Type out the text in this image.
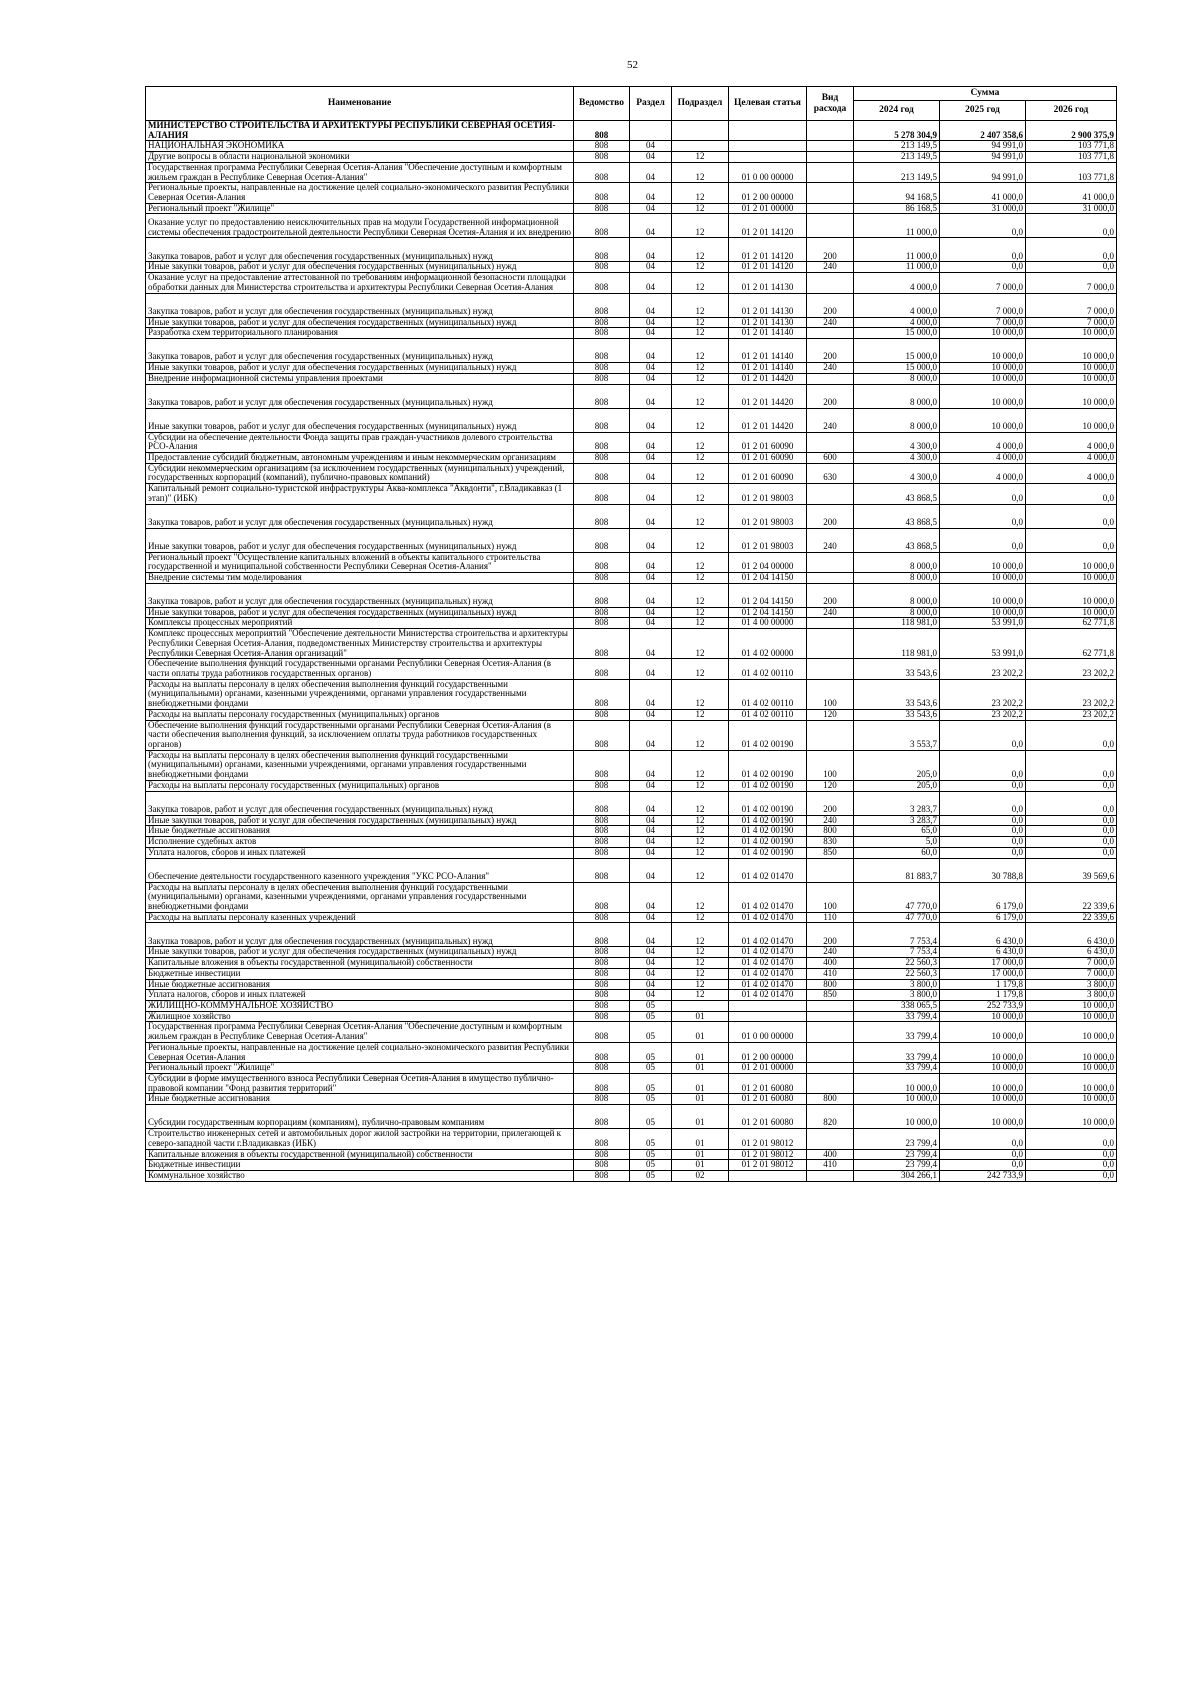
52
Наименование	Ведомство	Раздел	Подраздел	Целевая статья	Вид расхода	Сумма		
						2024 год	2025 год	2026 год
МИНИСТЕРСТВО СТРОИТЕЛЬСТВА И АРХИТЕКТУРЫ РЕСПУБЛИКИ СЕВЕРНАЯ ОСЕТИЯ-АЛАНИЯ	808					5 278 304,9	2 407 358,6	2 900 375,9
НАЦИОНАЛЬНАЯ ЭКОНОМИКА	808	04				213 149,5	94 991,0	103 771,8
Другие вопросы в области национальной экономики	808	04	12			213 149,5	94 991,0	103 771,8
Государственная программа Республики Северная Осетия-Алания "Обеспечение доступным и комфортным жильем граждан в Республике Северная Осетия-Алания"	808	04	12	01 0 00 00000		213 149,5	94 991,0	103 771,8
Региональные проекты, направленные на достижение целей социально-экономического развития Республики Северная Осетия-Алания	808	04	12	01 2 00 00000		94 168,5	41 000,0	41 000,0
Региональный проект "Жилище"	808	04	12	01 2 01 00000		86 168,5	31 000,0	31 000,0
Оказание услуг по предоставлению неисключительных прав на модули Государственной информационной системы обеспечения градостроительной деятельности Республики Северная Осетия-Алания и их внедрению	808	04	12	01 2 01 14120		11 000,0	0,0	0,0
Закупка товаров, работ и услуг для обеспечения государственных (муниципальных) нужд	808	04	12	01 2 01 14120	200	11 000,0	0,0	0,0
Иные закупки товаров, работ и услуг для обеспечения государственных (муниципальных) нужд	808	04	12	01 2 01 14120	240	11 000,0	0,0	0,0
Оказание услуг на предоставление аттестованной по требованиям информационной безопасности площадки обработки данных для Министерства строительства и архитектуры Республики Северная Осетия-Алания	808	04	12	01 2 01 14130		4 000,0	7 000,0	7 000,0
Закупка товаров, работ и услуг для обеспечения государственных (муниципальных) нужд	808	04	12	01 2 01 14130	200	4 000,0	7 000,0	7 000,0
Иные закупки товаров, работ и услуг для обеспечения государственных (муниципальных) нужд	808	04	12	01 2 01 14130	240	4 000,0	7 000,0	7 000,0
Разработка схем территориального планирования	808	04	12	01 2 01 14140		15 000,0	10 000,0	10 000,0
Закупка товаров, работ и услуг для обеспечения государственных (муниципальных) нужд	808	04	12	01 2 01 14140	200	15 000,0	10 000,0	10 000,0
Иные закупки товаров, работ и услуг для обеспечения государственных (муниципальных) нужд	808	04	12	01 2 01 14140	240	15 000,0	10 000,0	10 000,0
Внедрение информационной системы управления проектами	808	04	12	01 2 01 14420		8 000,0	10 000,0	10 000,0
Закупка товаров, работ и услуг для обеспечения государственных (муниципальных) нужд	808	04	12	01 2 01 14420	200	8 000,0	10 000,0	10 000,0
Иные закупки товаров, работ и услуг для обеспечения государственных (муниципальных) нужд	808	04	12	01 2 01 14420	240	8 000,0	10 000,0	10 000,0
Субсидии на обеспечение деятельности Фонда защиты прав граждан-участников долевого строительства РСО-Алания	808	04	12	01 2 01 60090		4 300,0	4 000,0	4 000,0
Предоставление субсидий бюджетным, автономным учреждениям и иным некоммерческим организациям	808	04	12	01 2 01 60090	600	4 300,0	4 000,0	4 000,0
Субсидии некоммерческим организациям (за исключением государственных (муниципальных) учреждений, государственных корпораций (компаний), публично-правовых компаний)	808	04	12	01 2 01 60090	630	4 300,0	4 000,0	4 000,0
Капитальный ремонт социально-туристской инфраструктуры Аква-комплекса "Аквдонти", г.Владикавказ (1 этап)" (ИБК)	808	04	12	01 2 01 98003		43 868,5	0,0	0,0
Закупка товаров, работ и услуг для обеспечения государственных (муниципальных) нужд	808	04	12	01 2 01 98003	200	43 868,5	0,0	0,0
Иные закупки товаров, работ и услуг для обеспечения государственных (муниципальных) нужд	808	04	12	01 2 01 98003	240	43 868,5	0,0	0,0
Региональный проект "Осуществление капитальных вложений в объекты капитального строительства государственной и муниципальной собственности Республики Северная Осетия-Алания"	808	04	12	01 2 04 00000		8 000,0	10 000,0	10 000,0
Внедрение системы тим моделирования	808	04	12	01 2 04 14150		8 000,0	10 000,0	10 000,0
Закупка товаров, работ и услуг для обеспечения государственных (муниципальных) нужд	808	04	12	01 2 04 14150	200	8 000,0	10 000,0	10 000,0
Иные закупки товаров, работ и услуг для обеспечения государственных (муниципальных) нужд	808	04	12	01 2 04 14150	240	8 000,0	10 000,0	10 000,0
Комплексы процессных мероприятий	808	04	12	01 4 00 00000		118 981,0	53 991,0	62 771,8
Комплекс процессных мероприятий "Обеспечение деятельности Министерства строительства и архитектуры Республики Северная Осетия-Алания, подведомственных Министерству строительства и архитектуры Республики Северная Осетия-Алания организаций"	808	04	12	01 4 02 00000		118 981,0	53 991,0	62 771,8
Обеспечение выполнения функций государственными органами Республики Северная Осетия-Алания (в части оплаты труда работников государственных органов)	808	04	12	01 4 02 00110		33 543,6	23 202,2	23 202,2
Расходы на выплаты персоналу в целях обеспечения выполнения функций государственными (муниципальными) органами, казенными учреждениями, органами управления государственными внебюджетными фондами	808	04	12	01 4 02 00110	100	33 543,6	23 202,2	23 202,2
Расходы на выплаты персоналу государственных (муниципальных) органов	808	04	12	01 4 02 00110	120	33 543,6	23 202,2	23 202,2
Обеспечение выполнения функций государственными органами Республики Северная Осетия-Алания (в части обеспечения выполнения функций, за исключением оплаты труда работников государственных органов)	808	04	12	01 4 02 00190		3 553,7	0,0	0,0
Расходы на выплаты персоналу в целях обеспечения выполнения функций государственными (муниципальными) органами, казенными учреждениями, органами управления государственными внебюджетными фондами	808	04	12	01 4 02 00190	100	205,0	0,0	0,0
Расходы на выплаты персоналу государственных (муниципальных) органов	808	04	12	01 4 02 00190	120	205,0	0,0	0,0
Закупка товаров, работ и услуг для обеспечения государственных (муниципальных) нужд	808	04	12	01 4 02 00190	200	3 283,7	0,0	0,0
Иные закупки товаров, работ и услуг для обеспечения государственных (муниципальных) нужд	808	04	12	01 4 02 00190	240	3 283,7	0,0	0,0
Иные бюджетные ассигнования	808	04	12	01 4 02 00190	800	65,0	0,0	0,0
Исполнение судебных актов	808	04	12	01 4 02 00190	830	5,0	0,0	0,0
Уплата налогов, сборов и иных платежей	808	04	12	01 4 02 00190	850	60,0	0,0	0,0
Обеспечение деятельности государственного казенного учреждения "УКС РСО-Алания"	808	04	12	01 4 02 01470		81 883,7	30 788,8	39 569,6
Расходы на выплаты персоналу в целях обеспечения выполнения функций государственными (муниципальными) органами, казенными учреждениями, органами управления государственными внебюджетными фондами	808	04	12	01 4 02 01470	100	47 770,0	6 179,0	22 339,6
Расходы на выплаты персоналу казенных учреждений	808	04	12	01 4 02 01470	110	47 770,0	6 179,0	22 339,6
Закупка товаров, работ и услуг для обеспечения государственных (муниципальных) нужд	808	04	12	01 4 02 01470	200	7 753,4	6 430,0	6 430,0
Иные закупки товаров, работ и услуг для обеспечения государственных (муниципальных) нужд	808	04	12	01 4 02 01470	240	7 753,4	6 430,0	6 430,0
Капитальные вложения в объекты государственной (муниципальной) собственности	808	04	12	01 4 02 01470	400	22 560,3	17 000,0	7 000,0
Бюджетные инвестиции	808	04	12	01 4 02 01470	410	22 560,3	17 000,0	7 000,0
Иные бюджетные ассигнования	808	04	12	01 4 02 01470	800	3 800,0	1 179,8	3 800,0
Уплата налогов, сборов и иных платежей	808	04	12	01 4 02 01470	850	3 800,0	1 179,8	3 800,0
ЖИЛИЩНО-КОММУНАЛЬНОЕ ХОЗЯЙСТВО	808	05				338 065,5	252 733,9	10 000,0
Жилищное хозяйство	808	05	01			33 799,4	10 000,0	10 000,0
Государственная программа Республики Северная Осетия-Алания "Обеспечение доступным и комфортным жильем граждан в Республике Северная Осетия-Алания"	808	05	01	01 0 00 00000		33 799,4	10 000,0	10 000,0
Региональные проекты, направленные на достижение целей социально-экономического развития Республики Северная Осетия-Алания	808	05	01	01 2 00 00000		33 799,4	10 000,0	10 000,0
Региональный проект "Жилище"	808	05	01	01 2 01 00000		33 799,4	10 000,0	10 000,0
Субсидии в форме имущественного взноса Республики Северная Осетия-Алания в имущество публично-правовой компании "Фонд развития территорий"	808	05	01	01 2 01 60080		10 000,0	10 000,0	10 000,0
Иные бюджетные ассигнования	808	05	01	01 2 01 60080	800	10 000,0	10 000,0	10 000,0
Субсидии государственным корпорациям (компаниям), публично-правовым компаниям	808	05	01	01 2 01 60080	820	10 000,0	10 000,0	10 000,0
Строительство инженерных сетей и автомобильных дорог жилой застройки на территории, прилегающей к северо-западной части г.Владикавказ (ИБК)	808	05	01	01 2 01 98012		23 799,4	0,0	0,0
Капитальные вложения в объекты государственной (муниципальной) собственности	808	05	01	01 2 01 98012	400	23 799,4	0,0	0,0
Бюджетные инвестиции	808	05	01	01 2 01 98012	410	23 799,4	0,0	0,0
Коммунальное хозяйство	808	05	02			304 266,1	242 733,9	0,0
